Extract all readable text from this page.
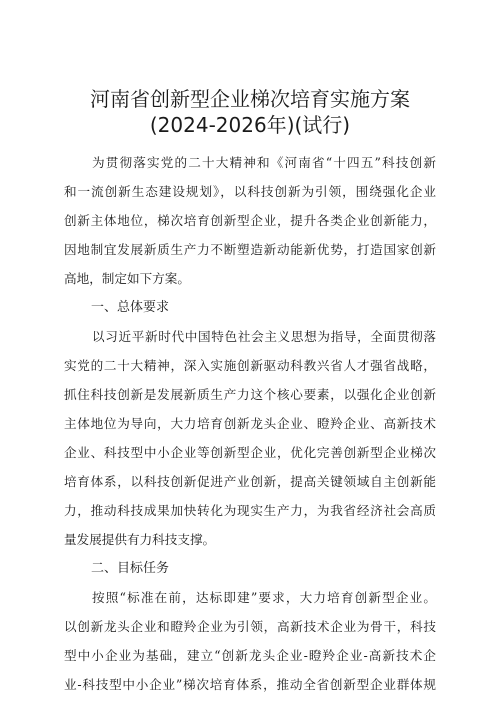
河南省创新型企业梯次培育实施方案
(2024-2026年)(试行)
为贯彻落实党的二十大精神和《河南省“十四五”科技创新
和一流创新生态建设规划》，以科技创新为引领，围绕强化企业
创新主体地位，梯次培育创新型企业，提升各类企业创新能力，
因地制宜发展新质生产力不断塑造新动能新优势，打造国家创新
高地，制定如下方案。
一、总体要求
以习近平新时代中国特色社会主义思想为指导，全面贯彻落
实党的二十大精神，深入实施创新驱动科教兴省人才强省战略，
抓住科技创新是发展新质生产力这个核心要素，以强化企业创新
主体地位为导向，大力培育创新龙头企业、瞪羚企业、高新技术
企业、科技型中小企业等创新型企业，优化完善创新型企业梯次
培育体系，以科技创新促进产业创新，提高关键领域自主创新能
力，推动科技成果加快转化为现实生产力，为我省经济社会高质
量发展提供有力科技支撑。
二、目标任务
按照“标准在前，达标即建”要求，大力培育创新型企业。
以创新龙头企业和瞪羚企业为引领，高新技术企业为骨干，科技
型中小企业为基础，建立“创新龙头企业-瞪羚企业-高新技术企
业-科技型中小企业”梯次培育体系，推动全省创新型企业群体规
